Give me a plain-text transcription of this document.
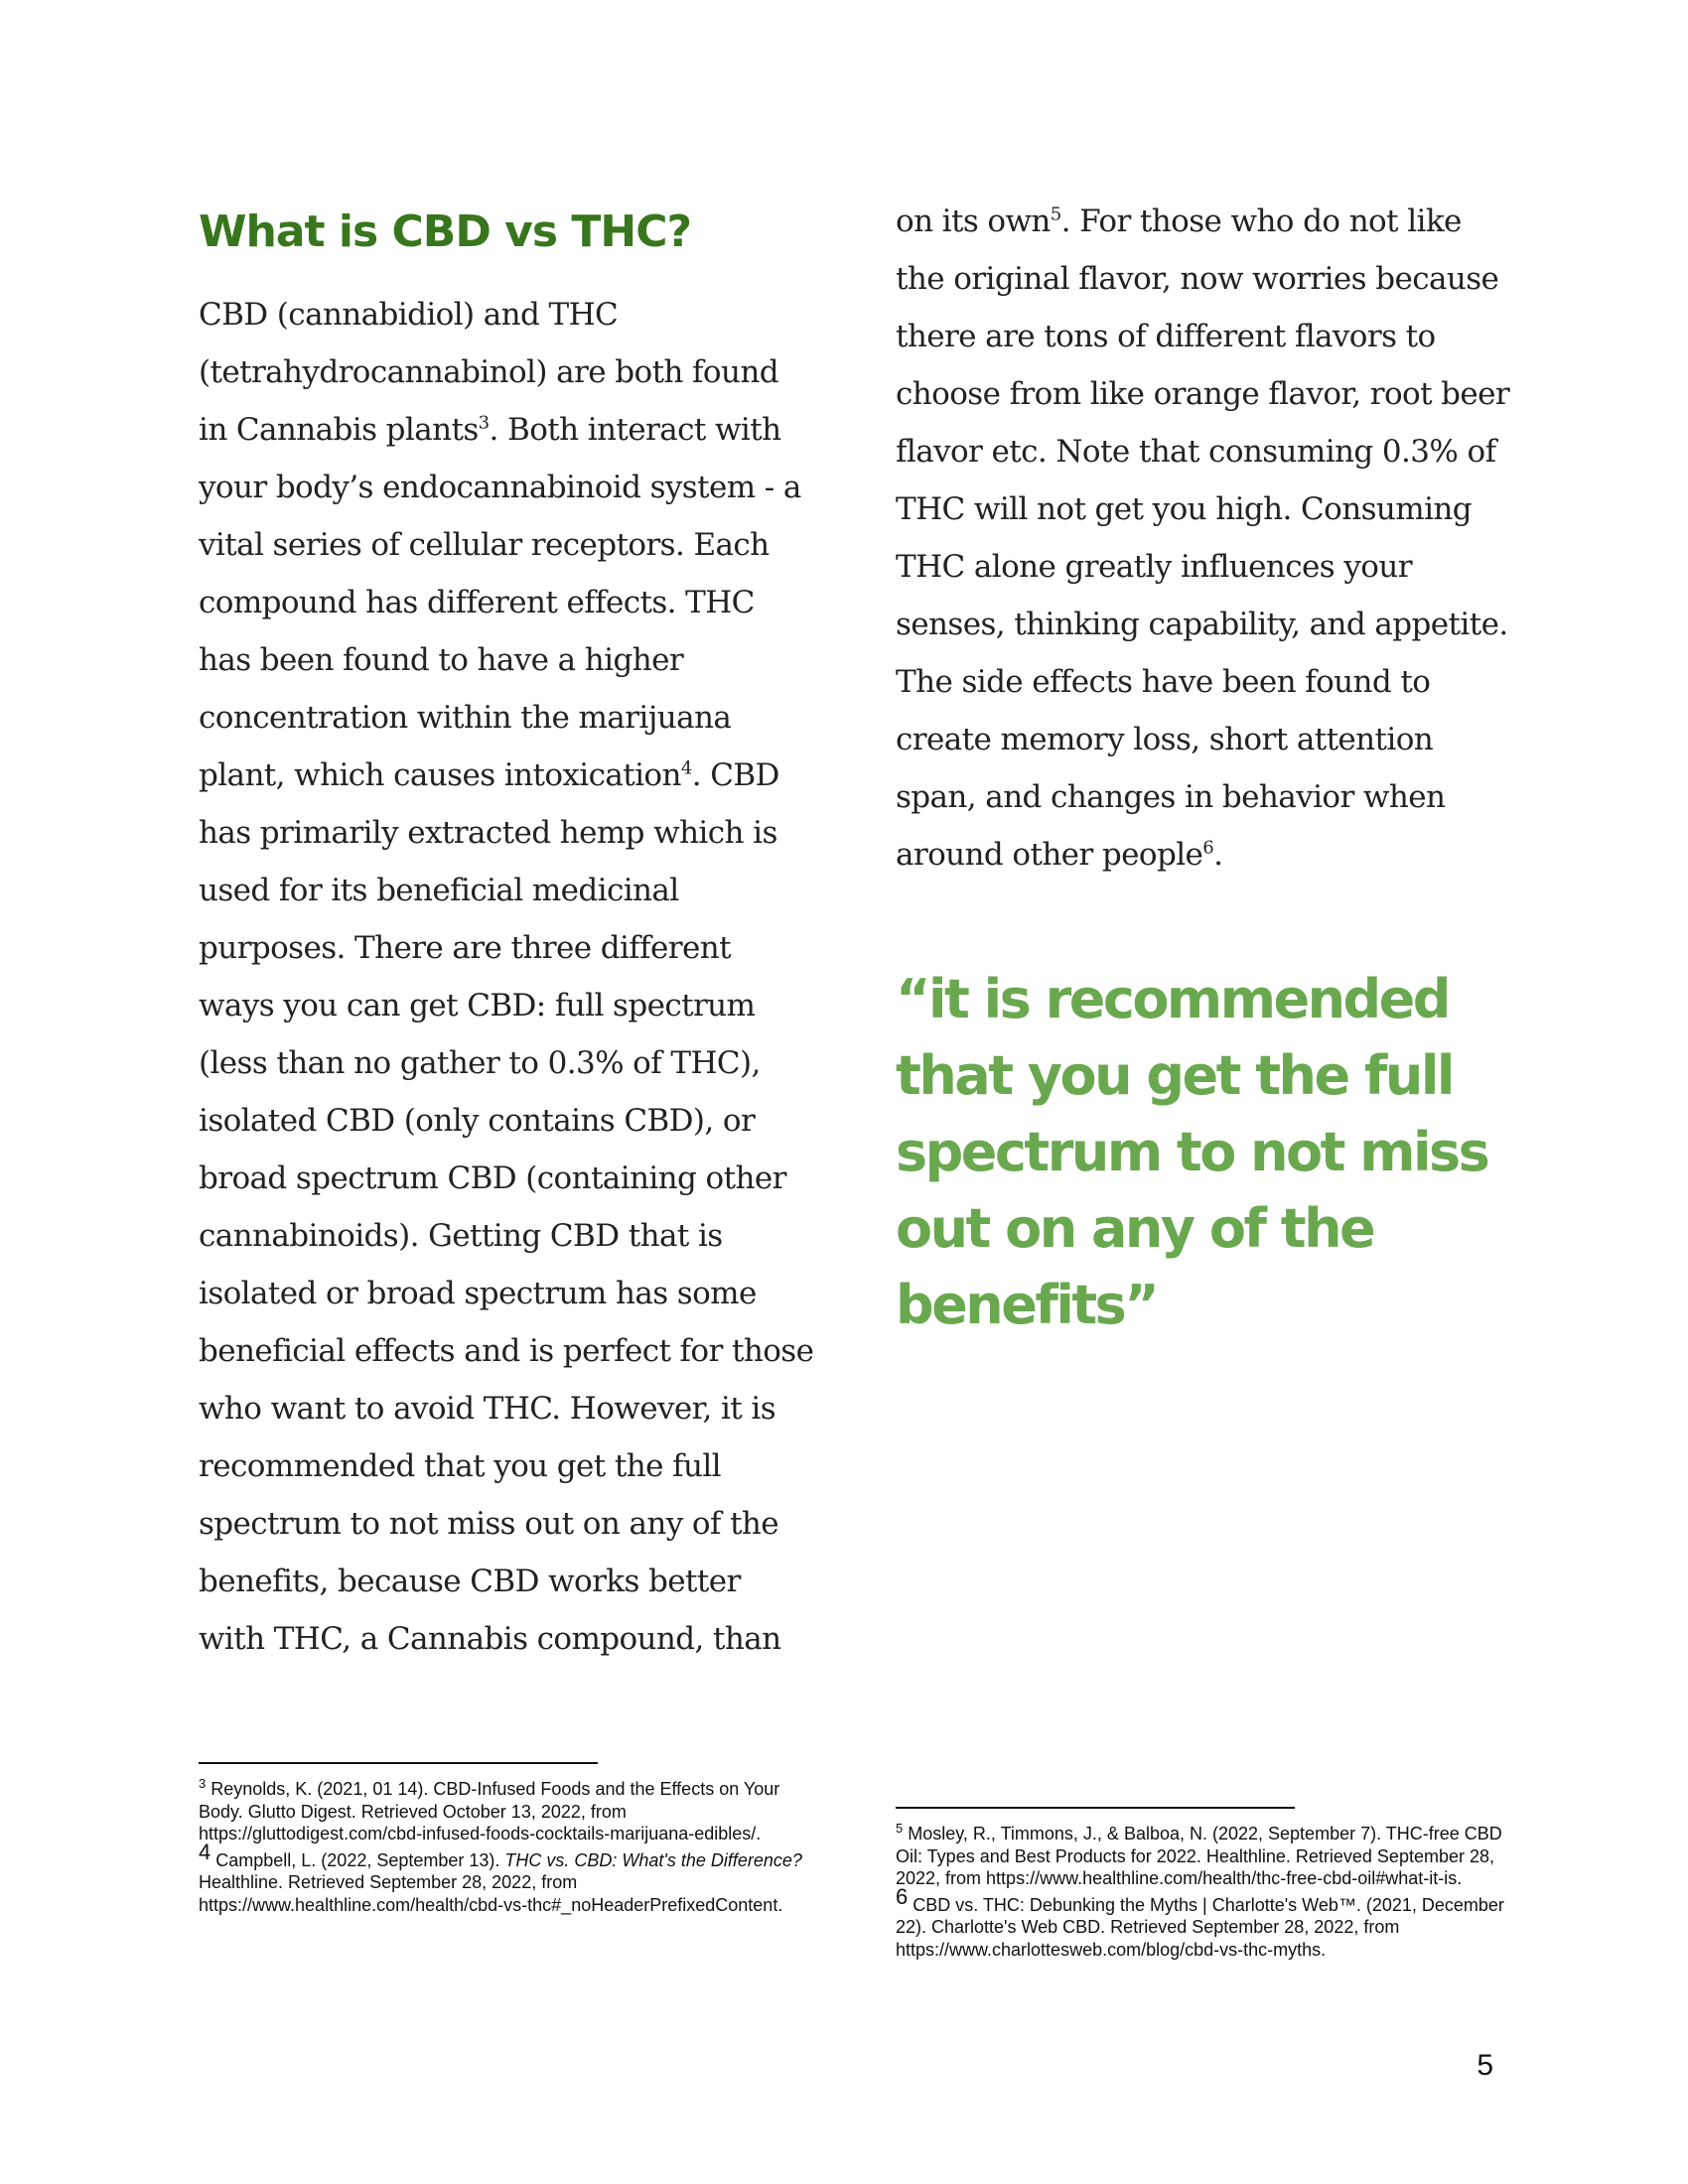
What is CBD vs THC?

CBD (cannabidiol) and THC (tetrahydrocannabinol) are both found in Cannabis plants$^3$. Both interact with your body’s endocannabinoid system - a vital series of cellular receptors. Each compound has different effects. THC has been found to have a higher concentration within the marijuana plant, which causes intoxication$^4$. CBD has primarily extracted hemp which is used for its beneficial medicinal purposes. There are three different ways you can get CBD: full spectrum (less than no gather to 0.3% of THC), isolated CBD (only contains CBD), or broad spectrum CBD (containing other cannabinoids). Getting CBD that is isolated or broad spectrum has some beneficial effects and is perfect for those who want to avoid THC. However, it is recommended that you get the full spectrum to not miss out on any of the benefits, because CBD works better with THC, a Cannabis compound, than

on its own$^5$. For those who do not like the original flavor, now worries because there are tons of different flavors to choose from like orange flavor, root beer flavor etc. Note that consuming 0.3% of THC will not get you high. Consuming THC alone greatly influences your senses, thinking capability, and appetite. The side effects have been found to create memory loss, short attention span, and changes in behavior when around other people$^6$.

“it is recommended that you get the full spectrum to not miss out on any of the benefits”

$^3$ Reynolds, K. (2021, 01 14). CBD-Infused Foods and the Effects on Your Body. Glutto Digest. Retrieved October 13, 2022, from https://gluttodigest.com/cbd-infused-foods-cocktails-marijuana-edibles/.

4 Campbell, L. (2022, September 13). THC vs. CBD: What's the Difference? Healthline. Retrieved September 28, 2022, from https://www.healthline.com/health/cbd-vs-thc#_noHeaderPrefixedContent.

$^5$ Mosley, R., Timmons, J., & Balboa, N. (2022, September 7). THC-free CBD Oil: Types and Best Products for 2022. Healthline. Retrieved September 28, 2022, from https://www.healthline.com/health/thc-free-cbd-oil#what-it-is.

6 CBD vs. THC: Debunking the Myths | Charlotte's Web™. (2021, December 22). Charlotte's Web CBD. Retrieved September 28, 2022, from https://www.charlottesweb.com/blog/cbd-vs-thc-myths.

5
